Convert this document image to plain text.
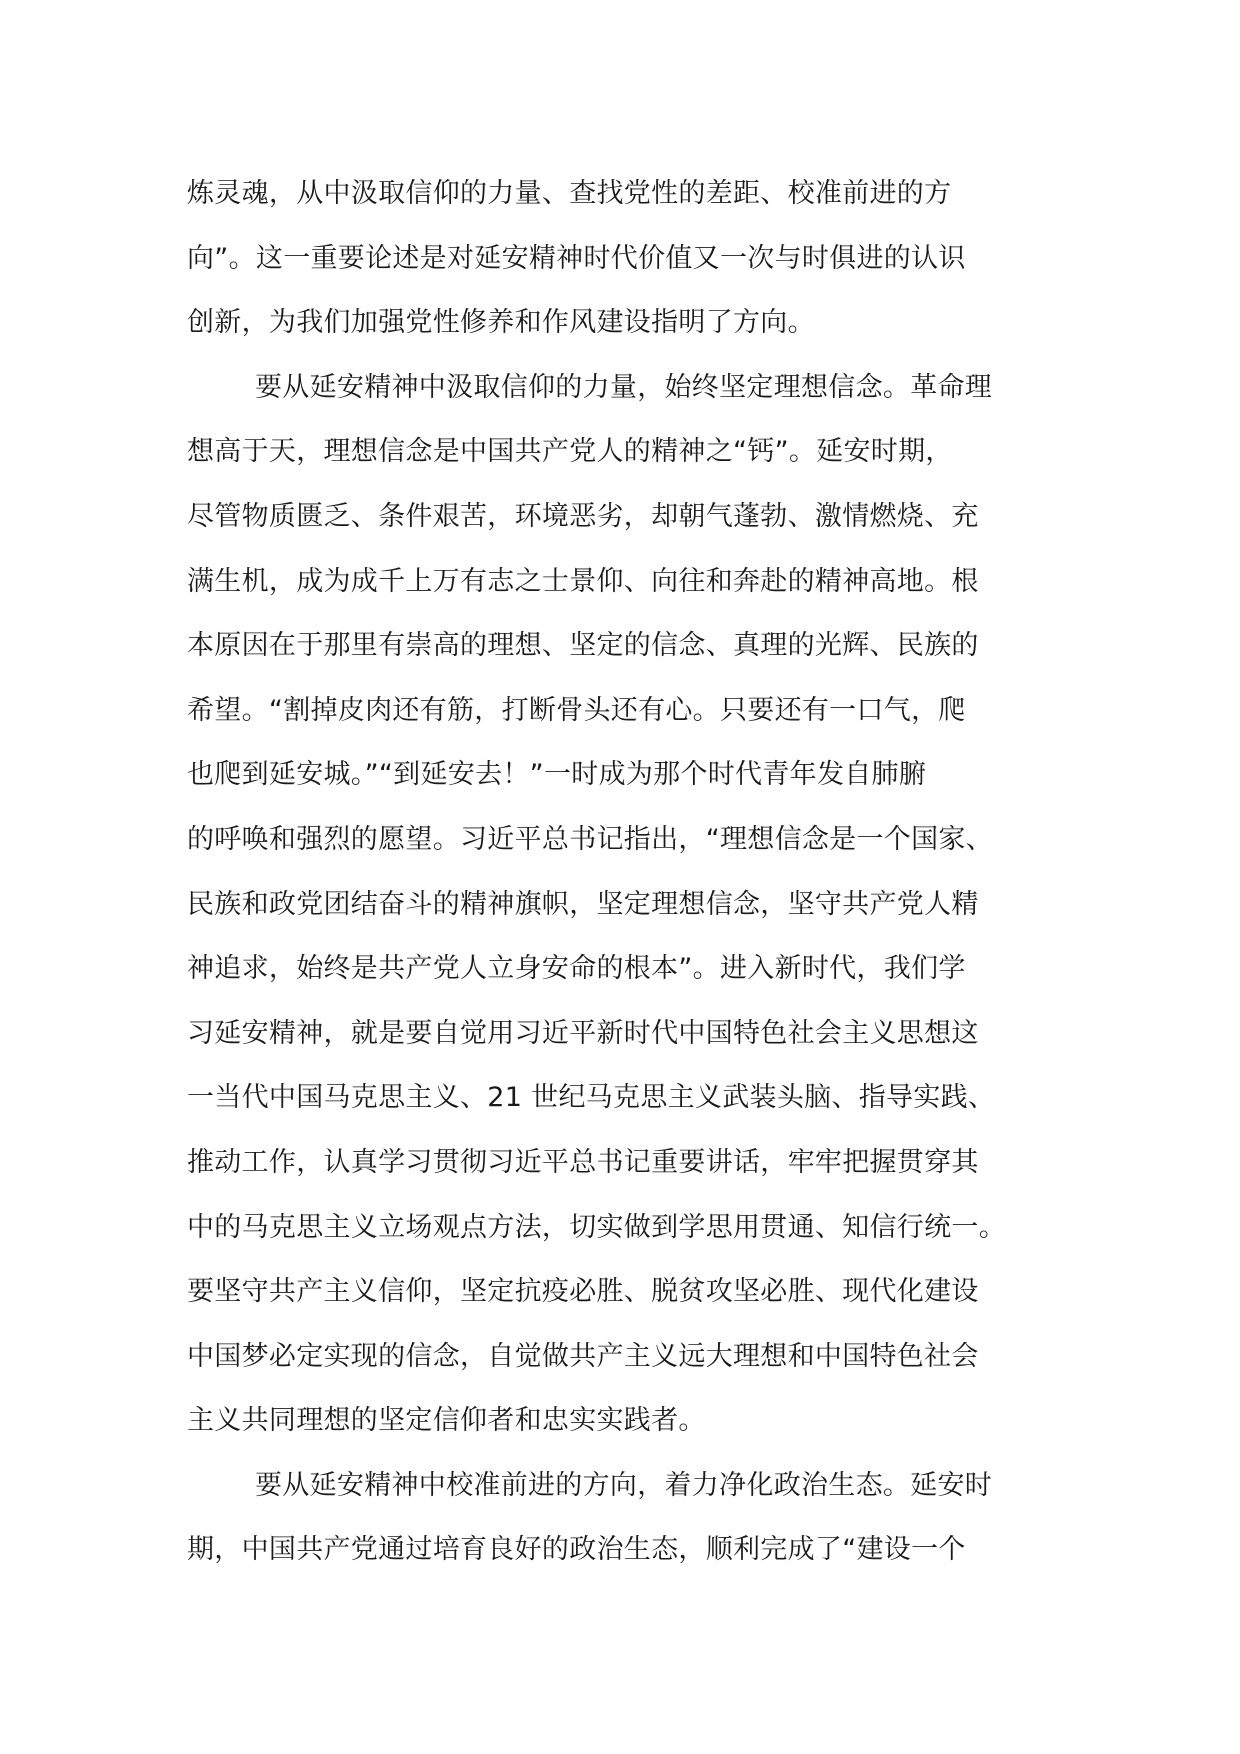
炼灵魂，从中汲取信仰的力量、查找党性的差距、校准前进的方
向”。这一重要论述是对延安精神时代价值又一次与时俱进的认识
创新，为我们加强党性修养和作风建设指明了方向。
要从延安精神中汲取信仰的力量，始终坚定理想信念。革命理
想高于天，理想信念是中国共产党人的精神之“钙”。延安时期，
尽管物质匮乏、条件艰苦，环境恶劣，却朝气蓬勃、激情燃烧、充
满生机，成为成千上万有志之士景仰、向往和奔赴的精神高地。根
本原因在于那里有崇高的理想、坚定的信念、真理的光辉、民族的
希望。“割掉皮肉还有筋，打断骨头还有心。只要还有一口气，爬
也爬到延安城。”“到延安去！”一时成为那个时代青年发自肺腑
的呼唤和强烈的愿望。习近平总书记指出，“理想信念是一个国家、
民族和政党团结奋斗的精神旗帜，坚定理想信念，坚守共产党人精
神追求，始终是共产党人立身安命的根本”。进入新时代，我们学
习延安精神，就是要自觉用习近平新时代中国特色社会主义思想这
一当代中国马克思主义、21 世纪马克思主义武装头脑、指导实践、
推动工作，认真学习贯彻习近平总书记重要讲话，牢牢把握贯穿其
中的马克思主义立场观点方法，切实做到学思用贯通、知信行统一。
要坚守共产主义信仰，坚定抗疫必胜、脱贫攻坚必胜、现代化建设
中国梦必定实现的信念，自觉做共产主义远大理想和中国特色社会
主义共同理想的坚定信仰者和忠实实践者。
要从延安精神中校准前进的方向，着力净化政治生态。延安时
期，中国共产党通过培育良好的政治生态，顺利完成了“建设一个
